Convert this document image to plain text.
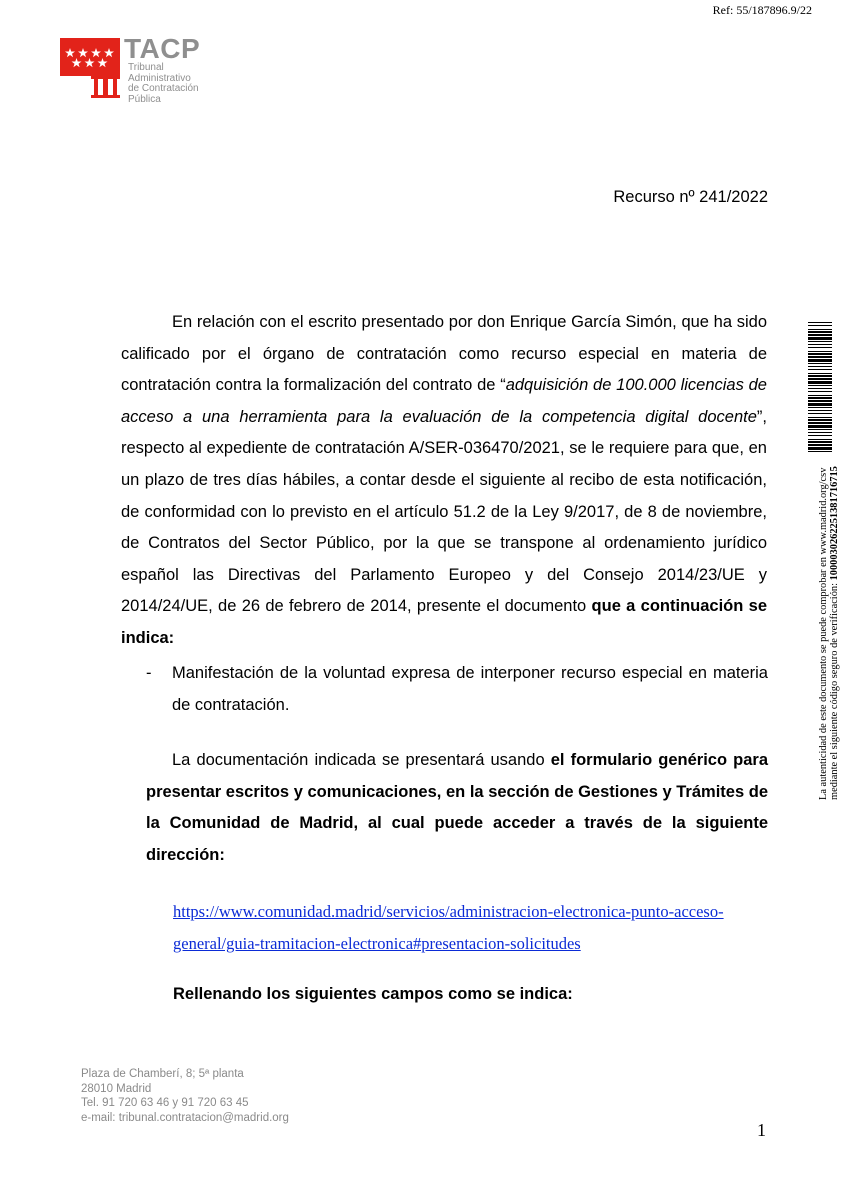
Ref: 55/187896.9/22
TACP
Tribunal
Administrativo
de Contratación
Pública
Recurso nº 241/2022
En relación con el escrito presentado por don Enrique García Simón, que ha sido calificado por el órgano de contratación como recurso especial en materia de contratación contra la formalización del contrato de “adquisición de 100.000 licencias de acceso a una herramienta para la evaluación de la competencia digital docente”, respecto al expediente de contratación A/SER-036470/2021, se le requiere para que, en un plazo de tres días hábiles, a contar desde el siguiente al recibo de esta notificación, de conformidad con lo previsto en el artículo 51.2 de la Ley 9/2017, de 8 de noviembre, de Contratos del Sector Público, por la que se transpone al ordenamiento jurídico español las Directivas del Parlamento Europeo y del Consejo 2014/23/UE y 2014/24/UE, de 26 de febrero de 2014, presente el documento que a continuación se indica:
- Manifestación de la voluntad expresa de interponer recurso especial en materia de contratación.
La documentación indicada se presentará usando el formulario genérico para presentar escritos y comunicaciones, en la sección de Gestiones y Trámites de la Comunidad de Madrid, al cual puede acceder a través de la siguiente dirección:
https://www.comunidad.madrid/servicios/administracion-electronica-punto-acceso-
general/guia-tramitacion-electronica#presentacion-solicitudes
Rellenando los siguientes campos como se indica:
Plaza de Chamberí, 8; 5ª planta
28010 Madrid
Tel. 91 720 63 46 y 91 720 63 45
e-mail: tribunal.contratacion@madrid.org
1
La autenticidad de este documento se puede comprobar en www.madrid.org/csv mediante el siguiente código seguro de verificación: 1000030262251381716715
